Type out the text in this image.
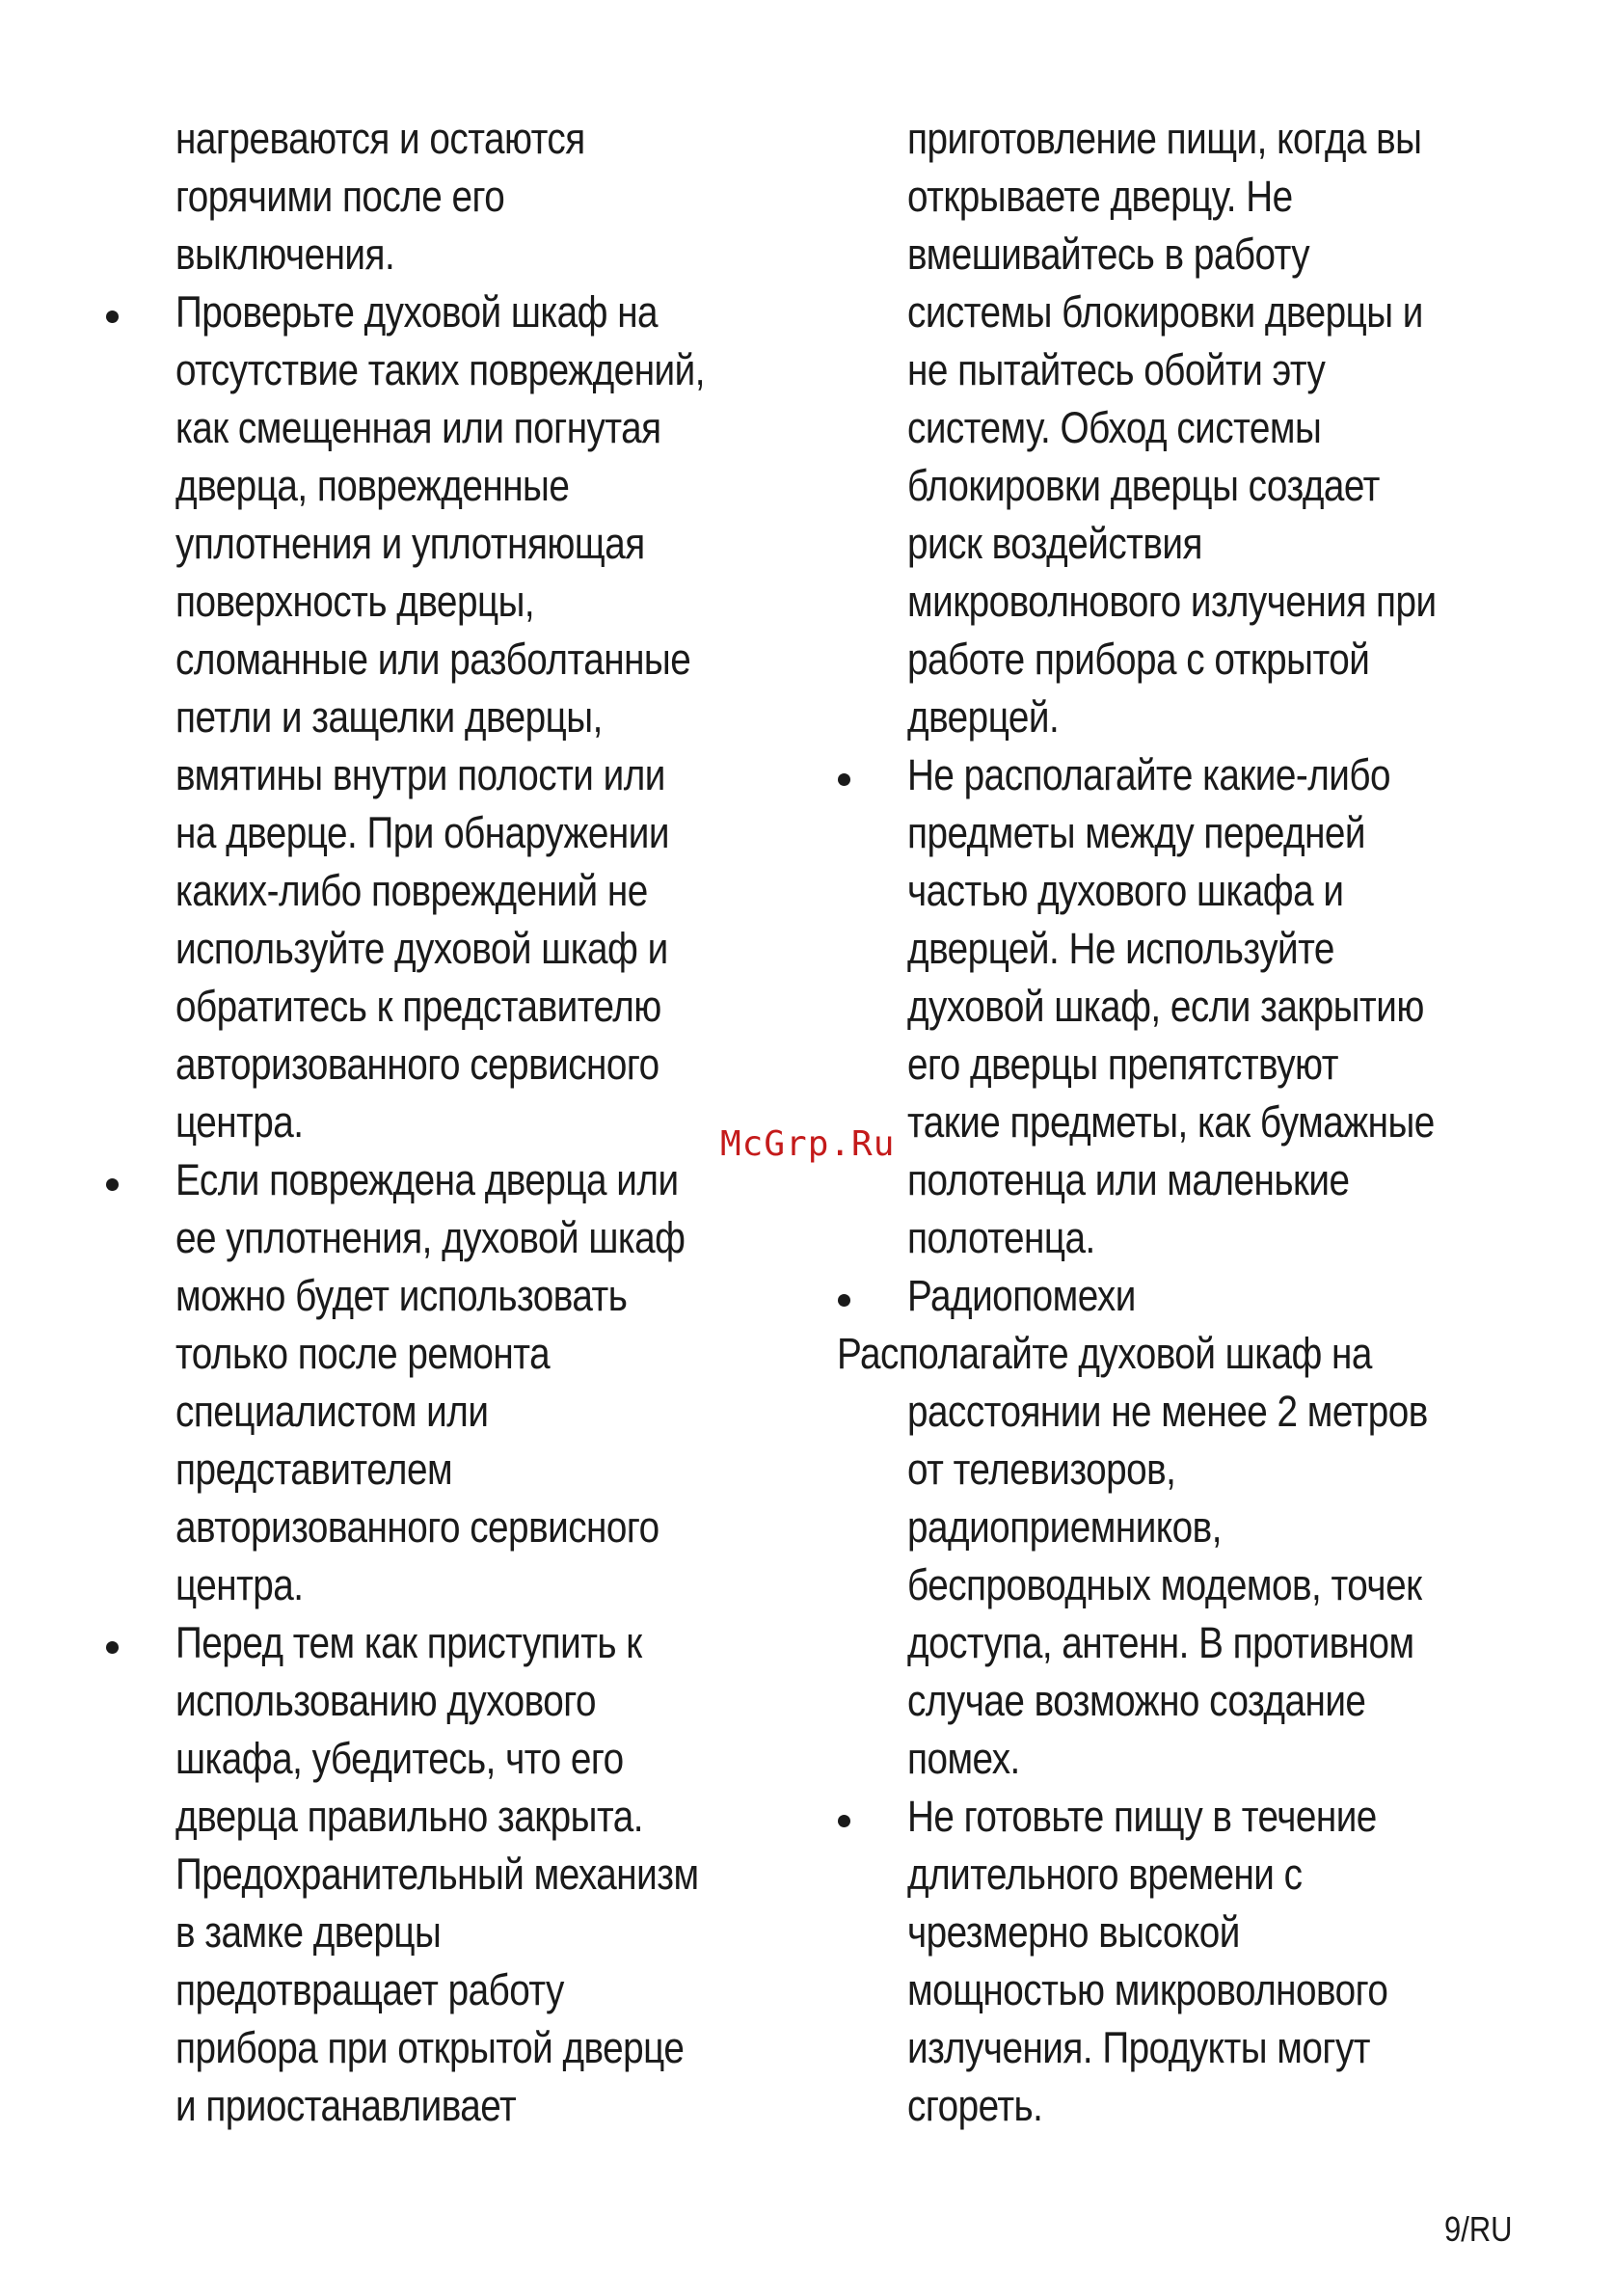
нагреваются и остаются
горячими после его
выключения.
Проверьте духовой шкаф на
отсутствие таких повреждений,
как смещенная или погнутая
дверца, поврежденные
уплотнения и уплотняющая
поверхность дверцы,
сломанные или разболтанные
петли и защелки дверцы,
вмятины внутри полости или
на дверце. При обнаружении
каких-либо повреждений не
используйте духовой шкаф и
обратитесь к представителю
авторизованного сервисного
центра.
Если повреждена дверца или
ее уплотнения, духовой шкаф
можно будет использовать
только после ремонта
специалистом или
представителем
авторизованного сервисного
центра.
Перед тем как приступить к
использованию духового
шкафа, убедитесь, что его
дверца правильно закрыта.
Предохранительный механизм
в замке дверцы
предотвращает работу
прибора при открытой дверце
и приостанавливает
приготовление пищи, когда вы
открываете дверцу. Не
вмешивайтесь в работу
системы блокировки дверцы и
не пытайтесь обойти эту
систему. Обход системы
блокировки дверцы создает
риск воздействия
микроволнового излучения при
работе прибора с открытой
дверцей.
Не располагайте какие-либо
предметы между передней
частью духового шкафа и
дверцей. Не используйте
духовой шкаф, если закрытию
его дверцы препятствуют
такие предметы, как бумажные
полотенца или маленькие
полотенца.
Радиопомехи
Располагайте духовой шкаф на
расстоянии не менее 2 метров
от телевизоров,
радиоприемников,
беспроводных модемов, точек
доступа, антенн. В противном
случае возможно создание
помех.
Не готовьте пищу в течение
длительного времени с
чрезмерно высокой
мощностью микроволнового
излучения. Продукты могут
сгореть.
McGrp.Ru
9/RU
